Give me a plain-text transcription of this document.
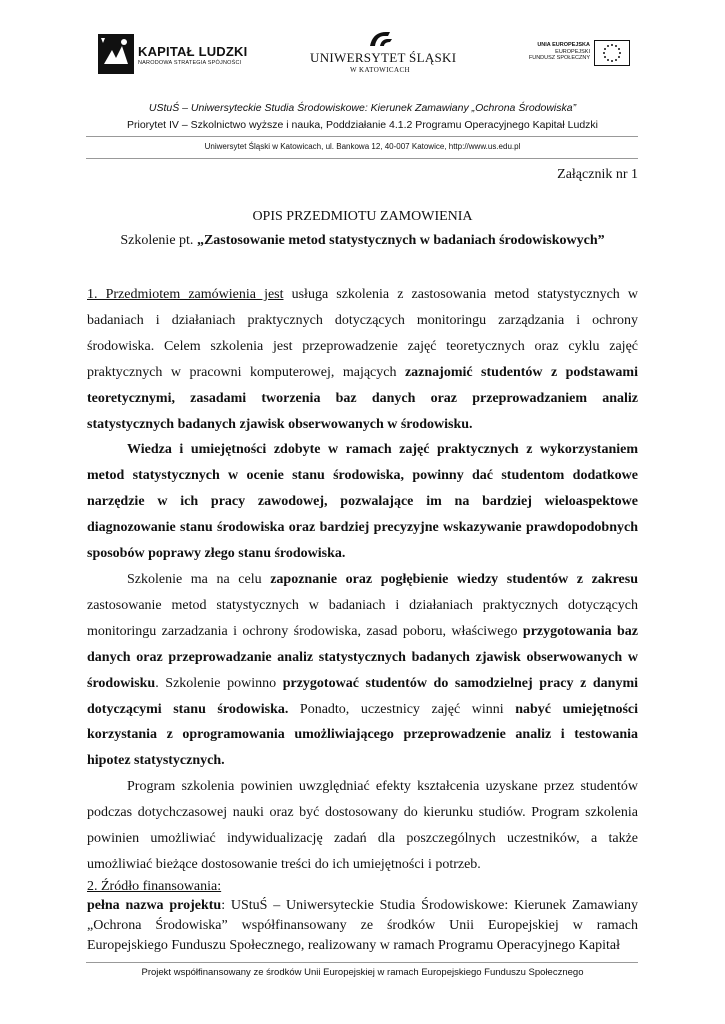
KAPITAŁ LUDZKI
NARODOWA STRATEGIA SPÓJNOŚCI	UNIWERSYTET ŚLĄSKI
W KATOWICACH
UNIA EUROPEJSKA
EUROPEJSKI
FUNDUSZ SPOŁECZNY
UStuŚ – Uniwersyteckie Studia Środowiskowe: Kierunek Zamawiany „Ochrona Środowiska”
Priorytet IV – Szkolnictwo wyższe i nauka, Poddziałanie 4.1.2 Programu Operacyjnego Kapitał Ludzki
Uniwersytet Śląski w Katowicach, ul. Bankowa 12, 40-007 Katowice, http://www.us.edu.pl
Załącznik nr 1
OPIS PRZEDMIOTU ZAMOWIENIA
Szkolenie pt. „Zastosowanie metod statystycznych w badaniach środowiskowych”

1. Przedmiotem zamówienia jest usługa szkolenia z zastosowania metod statystycznych w badaniach i działaniach praktycznych dotyczących monitoringu zarządzania i ochrony środowiska. Celem szkolenia jest przeprowadzenie zajęć teoretycznych oraz cyklu zajęć praktycznych w pracowni komputerowej, mających zaznajomić studentów z podstawami teoretycznymi, zasadami tworzenia baz danych oraz przeprowadzaniem analiz statystycznych badanych zjawisk obserwowanych w środowisku.

Wiedza i umiejętności zdobyte w ramach zajęć praktycznych z wykorzystaniem metod statystycznych w ocenie stanu środowiska, powinny dać studentom dodatkowe narzędzie w ich pracy zawodowej, pozwalające im na bardziej wieloaspektowe diagnozowanie stanu środowiska oraz bardziej precyzyjne wskazywanie prawdopodobnych sposobów poprawy złego stanu środowiska.

Szkolenie ma na celu zapoznanie oraz pogłębienie wiedzy studentów z zakresu zastosowanie metod statystycznych w badaniach i działaniach praktycznych dotyczących monitoringu zarzadzania i ochrony środowiska, zasad poboru, właściwego przygotowania baz danych oraz przeprowadzanie analiz statystycznych badanych zjawisk obserwowanych w środowisku. Szkolenie powinno przygotować studentów do samodzielnej pracy z danymi dotyczącymi stanu środowiska. Ponadto, uczestnicy zajęć winni nabyć umiejętności korzystania z oprogramowania umożliwiającego przeprowadzenie analiz i testowania hipotez statystycznych.

Program szkolenia powinien uwzględniać efekty kształcenia uzyskane przez studentów podczas dotychczasowej nauki oraz być dostosowany do kierunku studiów. Program szkolenia powinien umożliwiać indywidualizację zadań dla poszczególnych uczestników, a także umożliwiać bieżące dostosowanie treści do ich umiejętności i potrzeb.

2. Źródło finansowania:

pełna nazwa projektu: UStuŚ – Uniwersyteckie Studia Środowiskowe: Kierunek Zamawiany „Ochrona Środowiska” współfinansowany ze środków Unii Europejskiej w ramach Europejskiego Funduszu Społecznego, realizowany w ramach Programu Operacyjnego Kapitał

Projekt współfinansowany ze środków Unii Europejskiej w ramach Europejskiego Funduszu Społecznego
